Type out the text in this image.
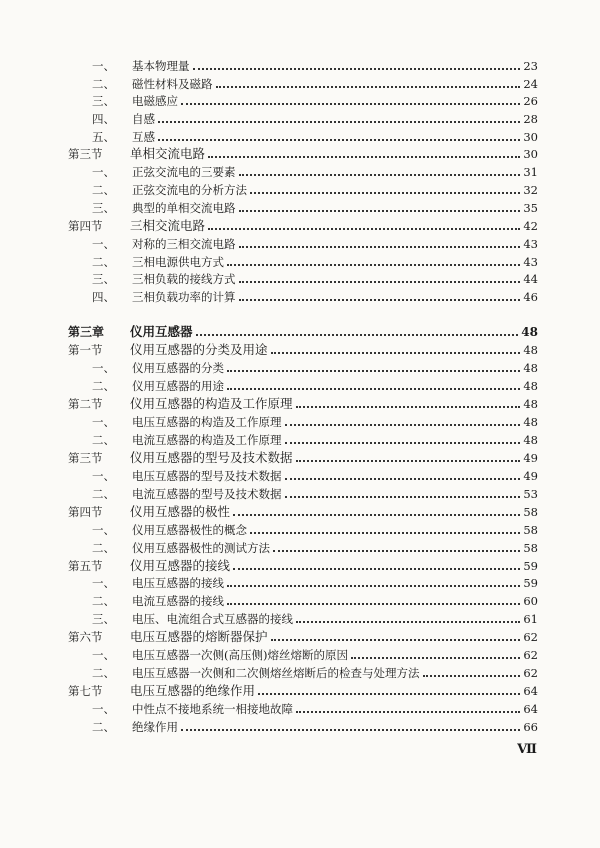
一、	基本物理量	23
二、	磁性材料及磁路	24
三、	电磁感应	26
四、	自感	28
五、	互感	30
第三节	单相交流电路	30
一、	正弦交流电的三要素	31
二、	正弦交流电的分析方法	32
三、	典型的单相交流电路	35
第四节	三相交流电路	42
一、	对称的三相交流电路	43
二、	三相电源供电方式	43
三、	三相负载的接线方式	44
四、	三相负载功率的计算	46
第三章	仪用互感器	48
第一节	仪用互感器的分类及用途	48
一、	仪用互感器的分类	48
二、	仪用互感器的用途	48
第二节	仪用互感器的构造及工作原理	48
一、	电压互感器的构造及工作原理	48
二、	电流互感器的构造及工作原理	48
第三节	仪用互感器的型号及技术数据	49
一、	电压互感器的型号及技术数据	49
二、	电流互感器的型号及技术数据	53
第四节	仪用互感器的极性	58
一、	仪用互感器极性的概念	58
二、	仪用互感器极性的测试方法	58
第五节	仪用互感器的接线	59
一、	电压互感器的接线	59
二、	电流互感器的接线	60
三、	电压、电流组合式互感器的接线	61
第六节	电压互感器的熔断器保护	62
一、	电压互感器一次侧(高压侧)熔丝熔断的原因	62
二、	电压互感器一次侧和二次侧熔丝熔断后的检查与处理方法	62
第七节	电压互感器的绝缘作用	64
一、	中性点不接地系统一相接地故障	64
二、	绝缘作用	66
Ⅶ
